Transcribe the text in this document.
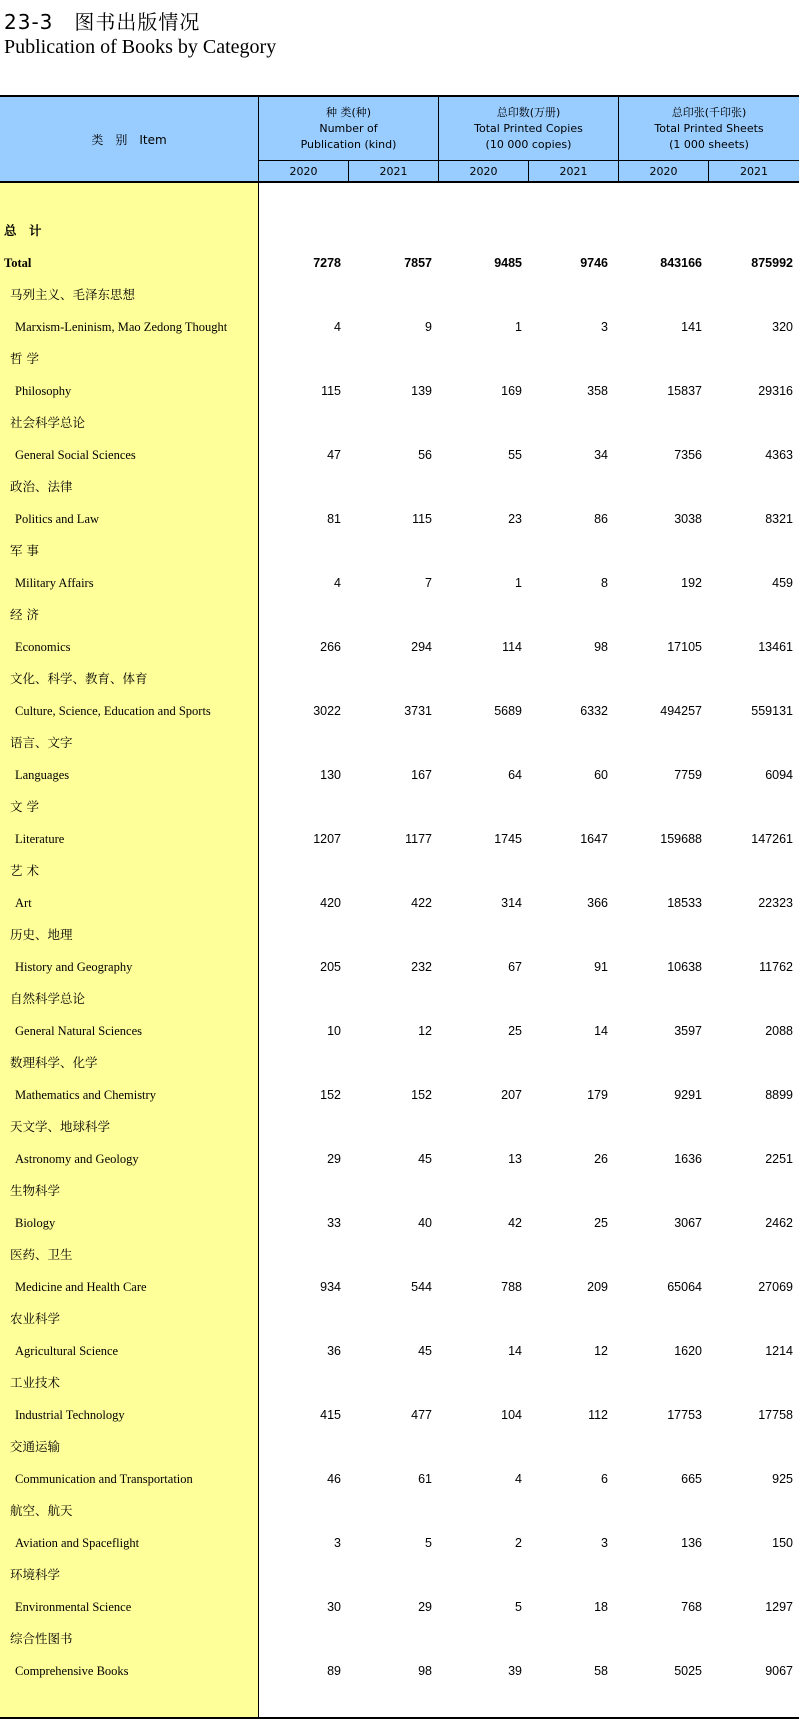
23-3　图书出版情况
Publication of Books by Category
类　别　Item
种 类(种)
Number of
Publication (kind)
总印数(万册)
Total Printed Copies
(10 000 copies)
总印张(千印张)
Total Printed Sheets
(1 000 sheets)
2020	2021	2020	2021	2020	2021
总　计
Total	7278	7857	9485	9746	843166	875992
马列主义、毛泽东思想
Marxism-Leninism, Mao Zedong Thought	4	9	1	3	141	320
哲 学
Philosophy	115	139	169	358	15837	29316
社会科学总论
General Social Sciences	47	56	55	34	7356	4363
政治、法律
Politics and Law	81	115	23	86	3038	8321
军 事
Military Affairs	4	7	1	8	192	459
经 济
Economics	266	294	114	98	17105	13461
文化、科学、教育、体育
Culture, Science, Education and Sports	3022	3731	5689	6332	494257	559131
语言、文字
Languages	130	167	64	60	7759	6094
文 学
Literature	1207	1177	1745	1647	159688	147261
艺 术
Art	420	422	314	366	18533	22323
历史、地理
History and Geography	205	232	67	91	10638	11762
自然科学总论
General Natural Sciences	10	12	25	14	3597	2088
数理科学、化学
Mathematics and Chemistry	152	152	207	179	9291	8899
天文学、地球科学
Astronomy and Geology	29	45	13	26	1636	2251
生物科学
Biology	33	40	42	25	3067	2462
医药、卫生
Medicine and Health Care	934	544	788	209	65064	27069
农业科学
Agricultural Science	36	45	14	12	1620	1214
工业技术
Industrial Technology	415	477	104	112	17753	17758
交通运输
Communication and Transportation	46	61	4	6	665	925
航空、航天
Aviation and Spaceflight	3	5	2	3	136	150
环境科学
Environmental Science	30	29	5	18	768	1297
综合性图书
Comprehensive Books	89	98	39	58	5025	9067
